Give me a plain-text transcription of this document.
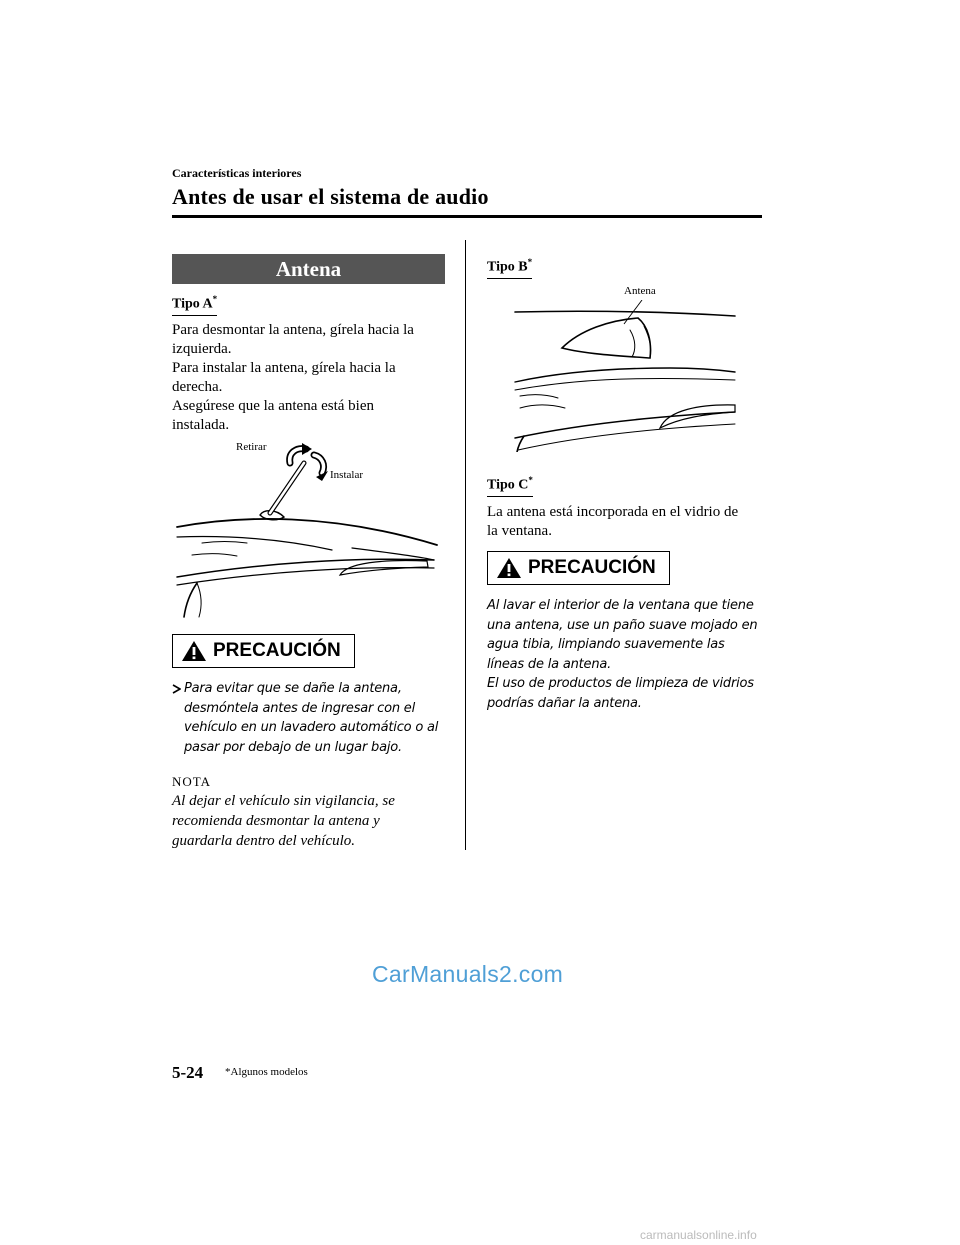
Características interiores
Antes de usar el sistema de audio
Antena
Tipo A*
Para desmontar la antena, gírela hacia la
izquierda.
Para instalar la antena, gírela hacia la
derecha.
Asegúrese que la antena está bien
instalada.
Retirar
Instalar
PRECAUCIÓN
Para evitar que se dañe la antena,
desmóntela antes de ingresar con el
vehículo en un lavadero automático o al
pasar por debajo de un lugar bajo.
NOTA
Al dejar el vehículo sin vigilancia, se
recomienda desmontar la antena y
guardarla dentro del vehículo.
Tipo B*
Antena
Tipo C*
La antena está incorporada en el vidrio de
la ventana.
PRECAUCIÓN
Al lavar el interior de la ventana que tiene
una antena, use un paño suave mojado en
agua tibia, limpiando suavemente las
líneas de la antena.
El uso de productos de limpieza de vidrios
podrías dañar la antena.
CarManuals2.com
5-24 *Algunos modelos
carmanualsonline.info
